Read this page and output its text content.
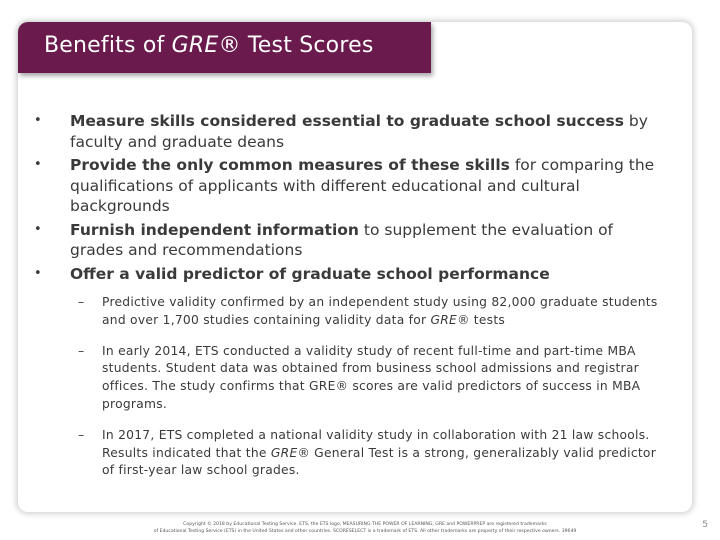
Benefits of GRE® Test Scores
• Measure skills considered essential to graduate school success by faculty and graduate deans
• Provide the only common measures of these skills for comparing the qualifications of applicants with different educational and cultural backgrounds
• Furnish independent information to supplement the evaluation of grades and recommendations
• Offer a valid predictor of graduate school performance
– Predictive validity confirmed by an independent study using 82,000 graduate students and over 1,700 studies containing validity data for GRE® tests
– In early 2014, ETS conducted a validity study of recent full-time and part-time MBA students. Student data was obtained from business school admissions and registrar offices. The study confirms that GRE® scores are valid predictors of success in MBA programs.
– In 2017, ETS completed a national validity study in collaboration with 21 law schools. Results indicated that the GRE® General Test is a strong, generalizably valid predictor of first-year law school grades.
Copyright © 2018 by Educational Testing Service. ETS, the ETS logo, MEASURING THE POWER OF LEARNING, GRE and POWERPREP are registered trademarks
of Educational Testing Service (ETS) in the United States and other countries. SCORESELECT is a trademark of ETS. All other trademarks are property of their respective owners. 39649
5
